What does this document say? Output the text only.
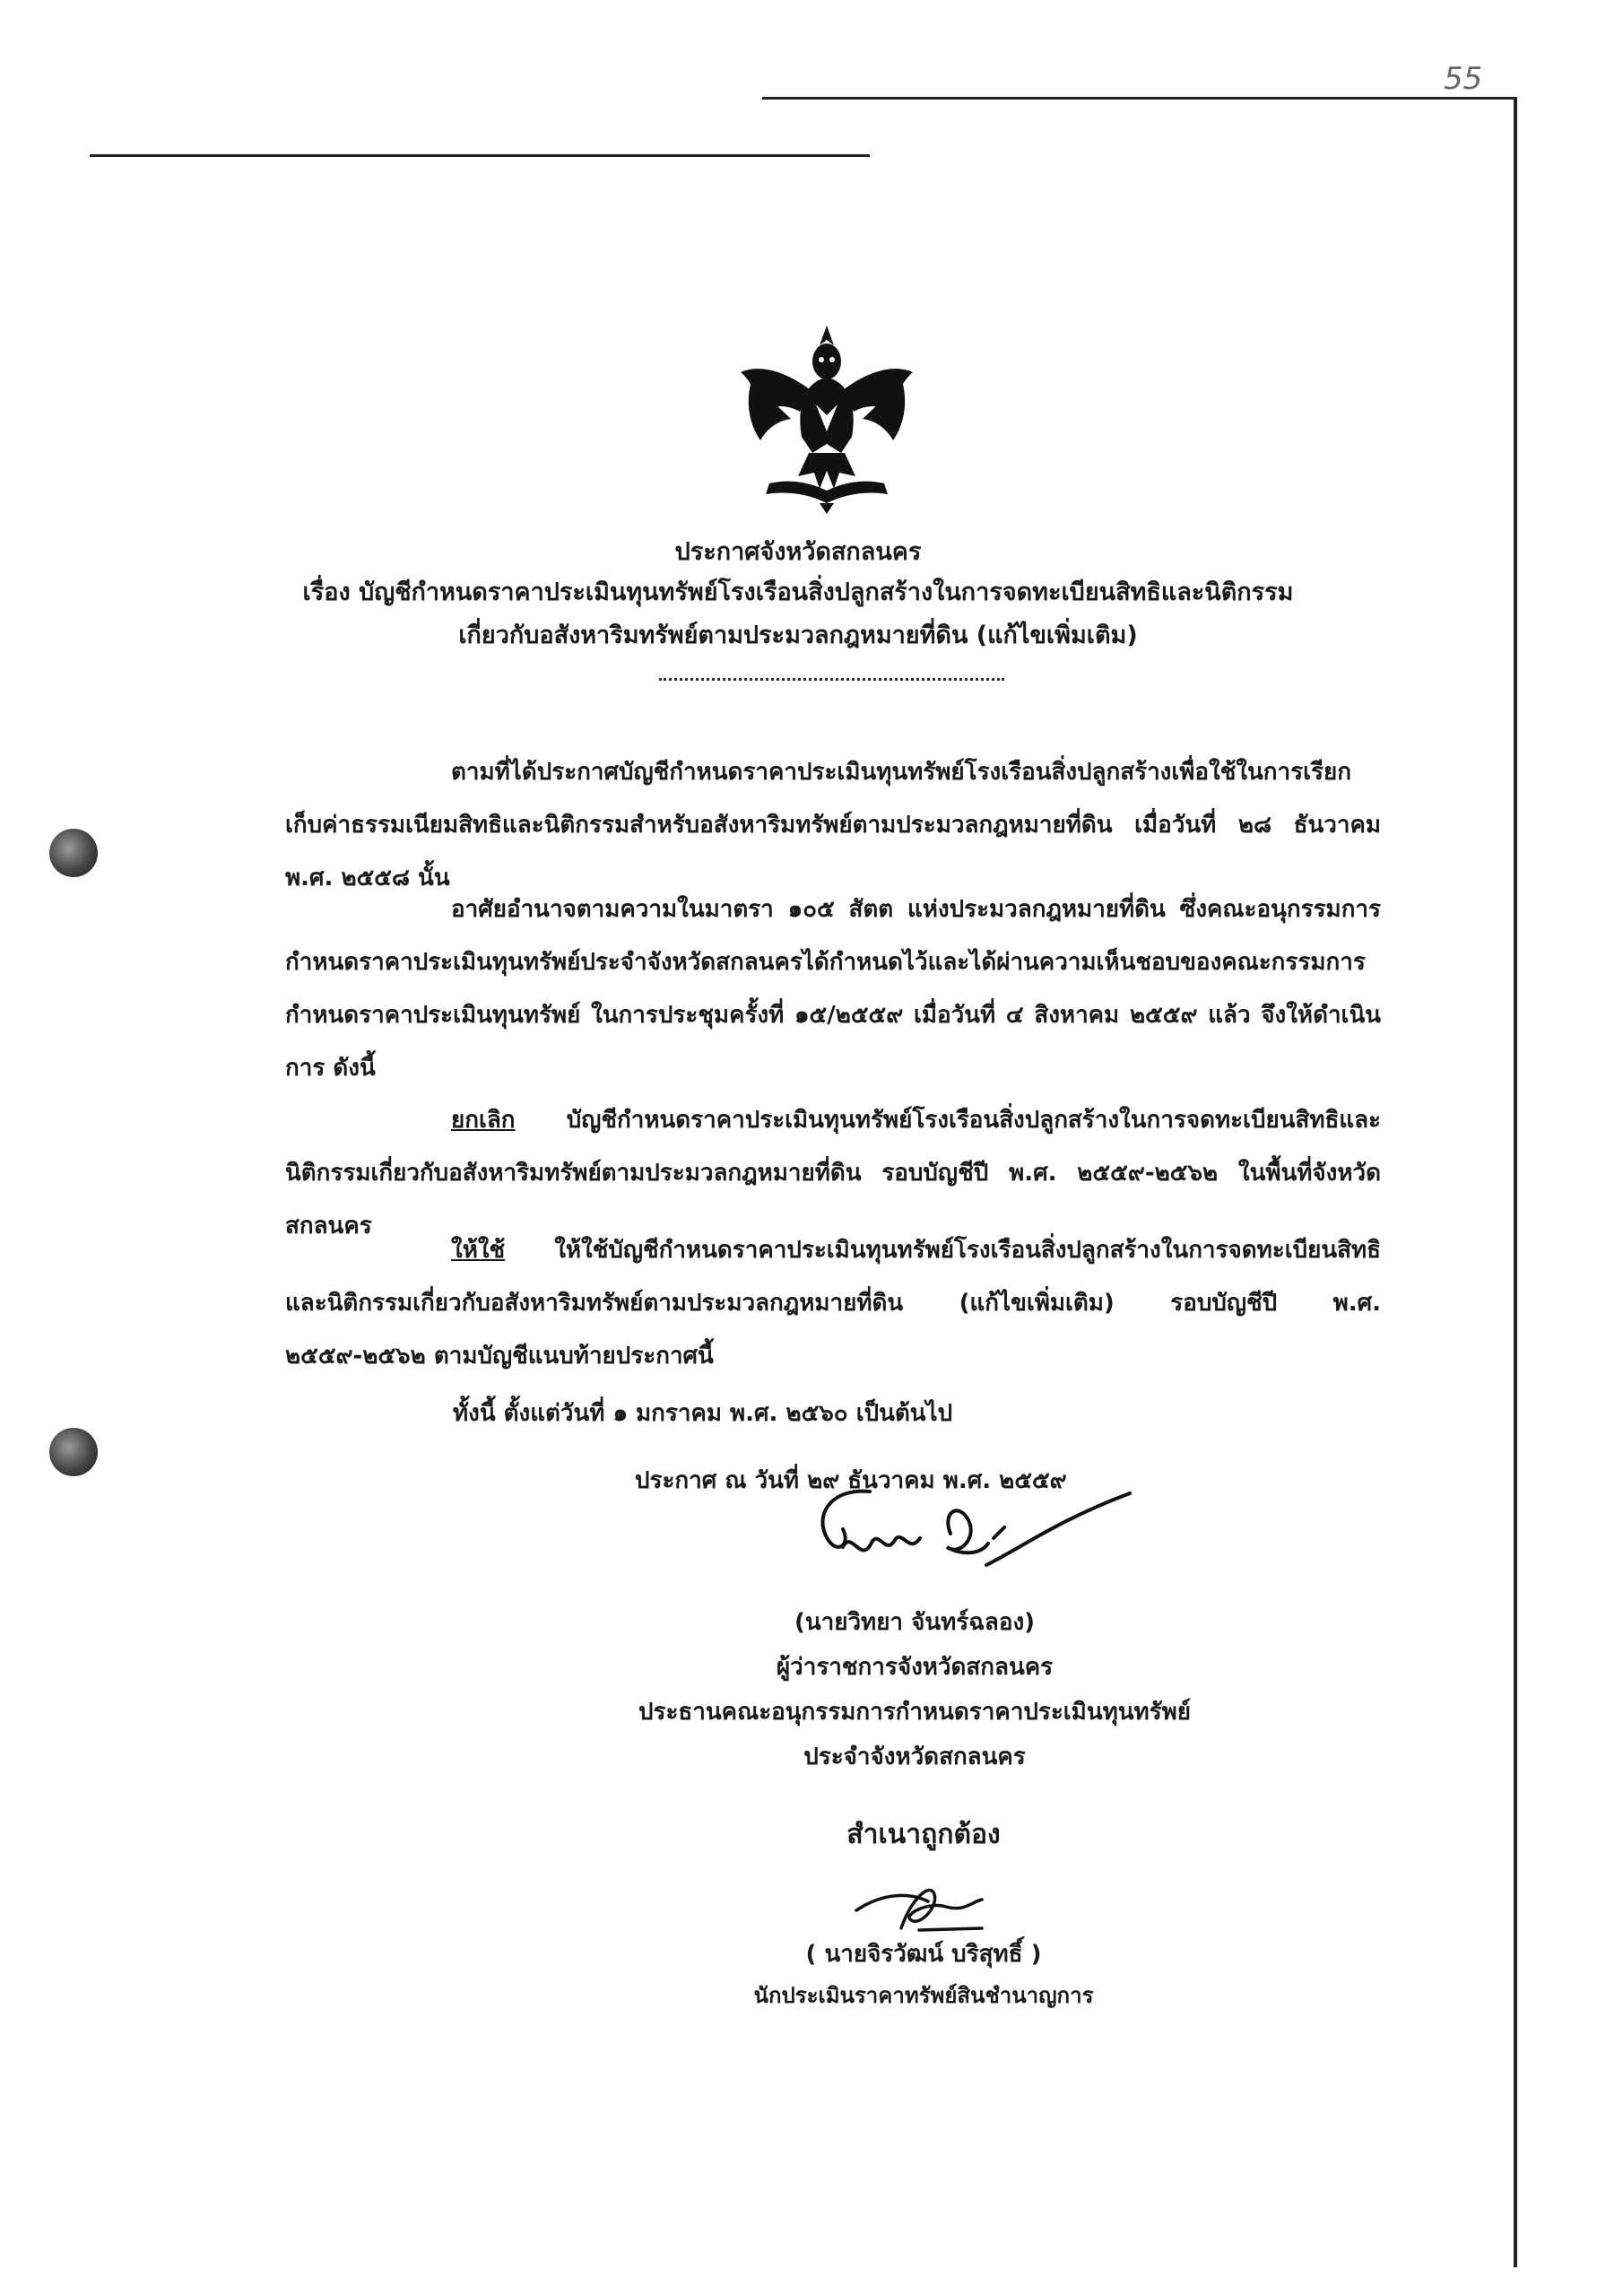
55
ประกาศจังหวัดสกลนคร
เรื่อง บัญชีกำหนดราคาประเมินทุนทรัพย์โรงเรือนสิ่งปลูกสร้างในการจดทะเบียนสิทธิและนิติกรรม
เกี่ยวกับอสังหาริมทรัพย์ตามประมวลกฎหมายที่ดิน (แก้ไขเพิ่มเติม)
ตามที่ได้ประกาศบัญชีกำหนดราคาประเมินทุนทรัพย์โรงเรือนสิ่งปลูกสร้างเพื่อใช้ในการเรียกเก็บค่าธรรมเนียมสิทธิและนิติกรรมสำหรับอสังหาริมทรัพย์ตามประมวลกฎหมายที่ดิน เมื่อวันที่ ๒๘ ธันวาคม พ.ศ. ๒๕๕๘ นั้น
อาศัยอำนาจตามความในมาตรา ๑๐๕ สัตต แห่งประมวลกฎหมายที่ดิน ซึ่งคณะอนุกรรมการกำหนดราคาประเมินทุนทรัพย์ประจำจังหวัดสกลนครได้กำหนดไว้และได้ผ่านความเห็นชอบของคณะกรรมการกำหนดราคาประเมินทุนทรัพย์ ในการประชุมครั้งที่ ๑๕/๒๕๕๙ เมื่อวันที่ ๔ สิงหาคม ๒๕๕๙ แล้ว จึงให้ดำเนินการ ดังนี้
ยกเลิก บัญชีกำหนดราคาประเมินทุนทรัพย์โรงเรือนสิ่งปลูกสร้างในการจดทะเบียนสิทธิและนิติกรรมเกี่ยวกับอสังหาริมทรัพย์ตามประมวลกฎหมายที่ดิน รอบบัญชีปี พ.ศ. ๒๕๕๙-๒๕๖๒ ในพื้นที่จังหวัดสกลนคร
ให้ใช้ ให้ใช้บัญชีกำหนดราคาประเมินทุนทรัพย์โรงเรือนสิ่งปลูกสร้างในการจดทะเบียนสิทธิและนิติกรรมเกี่ยวกับอสังหาริมทรัพย์ตามประมวลกฎหมายที่ดิน (แก้ไขเพิ่มเติม) รอบบัญชีปี พ.ศ. ๒๕๕๙-๒๕๖๒ ตามบัญชีแนบท้ายประกาศนี้
ทั้งนี้ ตั้งแต่วันที่ ๑ มกราคม พ.ศ. ๒๕๖๐ เป็นต้นไป
ประกาศ ณ วันที่ ๒๙ ธันวาคม พ.ศ. ๒๕๕๙
(นายวิทยา จันทร์ฉลอง)
ผู้ว่าราชการจังหวัดสกลนคร
ประธานคณะอนุกรรมการกำหนดราคาประเมินทุนทรัพย์
ประจำจังหวัดสกลนคร
สำเนาถูกต้อง
( นายจิรวัฒน์ บริสุทธิ์ )
นักประเมินราคาทรัพย์สินชำนาญการ
